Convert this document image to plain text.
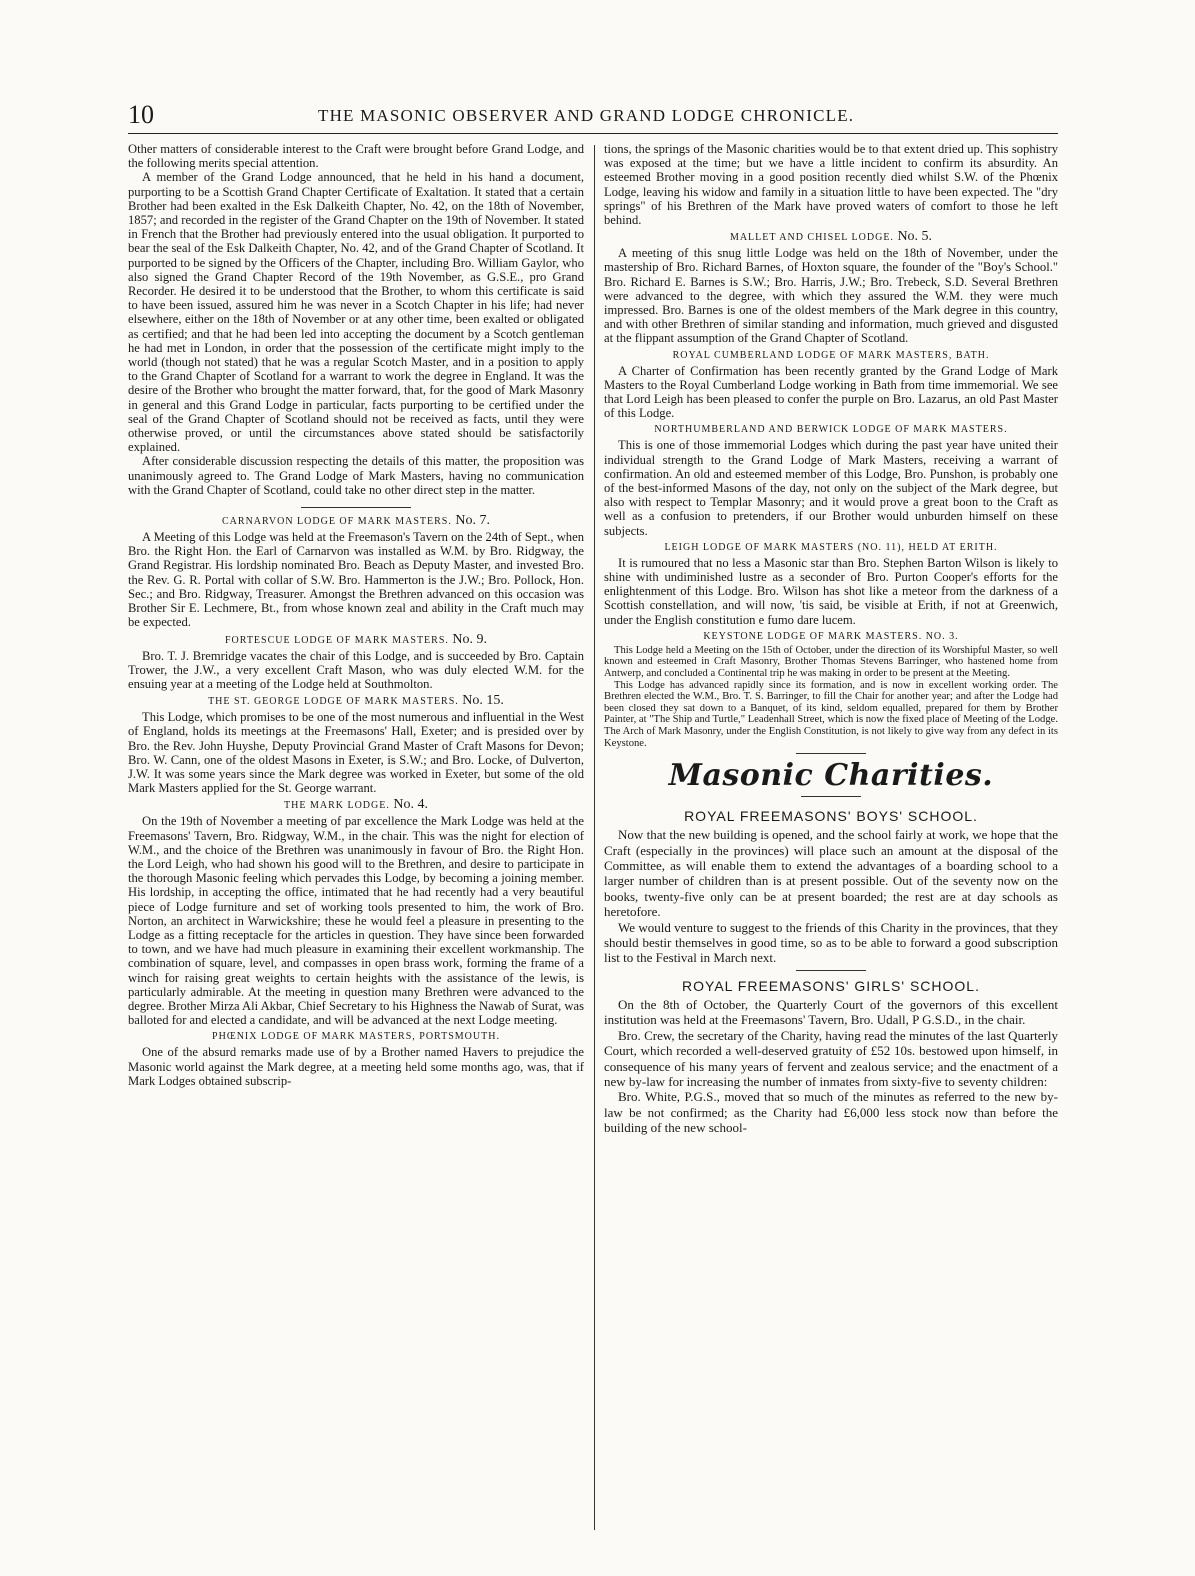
10	THE MASONIC OBSERVER AND GRAND LODGE CHRONICLE.

Other matters of considerable interest to the Craft were brought before Grand Lodge, and the following merits special attention.

A member of the Grand Lodge announced, that he held in his hand a document, purporting to be a Scottish Grand Chapter Certificate of Exaltation. It stated that a certain Brother had been exalted in the Esk Dalkeith Chapter, No. 42, on the 18th of November, 1857; and recorded in the register of the Grand Chapter on the 19th of November. It stated in French that the Brother had previously entered into the usual obligation. It purported to bear the seal of the Esk Dalkeith Chapter, No. 42, and of the Grand Chapter of Scotland. It purported to be signed by the Officers of the Chapter, including Bro. William Gaylor, who also signed the Grand Chapter Record of the 19th November, as G.S.E., pro Grand Recorder. He desired it to be understood that the Brother, to whom this certificate is said to have been issued, assured him he was never in a Scotch Chapter in his life; had never elsewhere, either on the 18th of November or at any other time, been exalted or obligated as certified; and that he had been led into accepting the document by a Scotch gentleman he had met in London, in order that the possession of the certificate might imply to the world (though not stated) that he was a regular Scotch Master, and in a position to apply to the Grand Chapter of Scotland for a warrant to work the degree in England. It was the desire of the Brother who brought the matter forward, that, for the good of Mark Masonry in general and this Grand Lodge in particular, facts purporting to be certified under the seal of the Grand Chapter of Scotland should not be received as facts, until they were otherwise proved, or until the circumstances above stated should be satisfactorily explained.

After considerable discussion respecting the details of this matter, the proposition was unanimously agreed to. The Grand Lodge of Mark Masters, having no communication with the Grand Chapter of Scotland, could take no other direct step in the matter.

CARNARVON LODGE OF MARK MASTERS. No. 7.

A Meeting of this Lodge was held at the Freemason's Tavern on the 24th of Sept., when Bro. the Right Hon. the Earl of Carnarvon was installed as W.M. by Bro. Ridgway, the Grand Registrar. His lordship nominated Bro. Beach as Deputy Master, and invested Bro. the Rev. G. R. Portal with collar of S.W. Bro. Hammerton is the J.W.; Bro. Pollock, Hon. Sec.; and Bro. Ridgway, Treasurer. Amongst the Brethren advanced on this occasion was Brother Sir E. Lechmere, Bt., from whose known zeal and ability in the Craft much may be expected.

FORTESCUE LODGE OF MARK MASTERS. No. 9.

Bro. T. J. Bremridge vacates the chair of this Lodge, and is succeeded by Bro. Captain Trower, the J.W., a very excellent Craft Mason, who was duly elected W.M. for the ensuing year at a meeting of the Lodge held at Southmolton.

THE ST. GEORGE LODGE OF MARK MASTERS. No. 15.

This Lodge, which promises to be one of the most numerous and influential in the West of England, holds its meetings at the Freemasons' Hall, Exeter; and is presided over by Bro. the Rev. John Huyshe, Deputy Provincial Grand Master of Craft Masons for Devon; Bro. W. Cann, one of the oldest Masons in Exeter, is S.W.; and Bro. Locke, of Dulverton, J.W. It was some years since the Mark degree was worked in Exeter, but some of the old Mark Masters applied for the St. George warrant.

THE MARK LODGE. No. 4.

On the 19th of November a meeting of par excellence the Mark Lodge was held at the Freemasons' Tavern, Bro. Ridgway, W.M., in the chair. This was the night for election of W.M., and the choice of the Brethren was unanimously in favour of Bro. the Right Hon. the Lord Leigh, who had shown his good will to the Brethren, and desire to participate in the thorough Masonic feeling which pervades this Lodge, by becoming a joining member. His lordship, in accepting the office, intimated that he had recently had a very beautiful piece of Lodge furniture and set of working tools presented to him, the work of Bro. Norton, an architect in Warwickshire; these he would feel a pleasure in presenting to the Lodge as a fitting receptacle for the articles in question. They have since been forwarded to town, and we have had much pleasure in examining their excellent workmanship. The combination of square, level, and compasses in open brass work, forming the frame of a winch for raising great weights to certain heights with the assistance of the lewis, is particularly admirable. At the meeting in question many Brethren were advanced to the degree. Brother Mirza Ali Akbar, Chief Secretary to his Highness the Nawab of Surat, was balloted for and elected a candidate, and will be advanced at the next Lodge meeting.

PHŒNIX LODGE OF MARK MASTERS, PORTSMOUTH.

One of the absurd remarks made use of by a Brother named Havers to prejudice the Masonic world against the Mark degree, at a meeting held some months ago, was, that if Mark Lodges obtained subscrip-

tions, the springs of the Masonic charities would be to that extent dried up. This sophistry was exposed at the time; but we have a little incident to confirm its absurdity. An esteemed Brother moving in a good position recently died whilst S.W. of the Phœnix Lodge, leaving his widow and family in a situation little to have been expected. The "dry springs" of his Brethren of the Mark have proved waters of comfort to those he left behind.

MALLET AND CHISEL LODGE. No. 5.

A meeting of this snug little Lodge was held on the 18th of November, under the mastership of Bro. Richard Barnes, of Hoxton square, the founder of the "Boy's School." Bro. Richard E. Barnes is S.W.; Bro. Harris, J.W.; Bro. Trebeck, S.D. Several Brethren were advanced to the degree, with which they assured the W.M. they were much impressed. Bro. Barnes is one of the oldest members of the Mark degree in this country, and with other Brethren of similar standing and information, much grieved and disgusted at the flippant assumption of the Grand Chapter of Scotland.

ROYAL CUMBERLAND LODGE OF MARK MASTERS, BATH.

A Charter of Confirmation has been recently granted by the Grand Lodge of Mark Masters to the Royal Cumberland Lodge working in Bath from time immemorial. We see that Lord Leigh has been pleased to confer the purple on Bro. Lazarus, an old Past Master of this Lodge.

NORTHUMBERLAND AND BERWICK LODGE OF MARK MASTERS.

This is one of those immemorial Lodges which during the past year have united their individual strength to the Grand Lodge of Mark Masters, receiving a warrant of confirmation. An old and esteemed member of this Lodge, Bro. Punshon, is probably one of the best-informed Masons of the day, not only on the subject of the Mark degree, but also with respect to Templar Masonry; and it would prove a great boon to the Craft as well as a confusion to pretenders, if our Brother would unburden himself on these subjects.

LEIGH LODGE OF MARK MASTERS (NO. 11), HELD AT ERITH.

It is rumoured that no less a Masonic star than Bro. Stephen Barton Wilson is likely to shine with undiminished lustre as a seconder of Bro. Purton Cooper's efforts for the enlightenment of this Lodge. Bro. Wilson has shot like a meteor from the darkness of a Scottish constellation, and will now, 'tis said, be visible at Erith, if not at Greenwich, under the English constitution e fumo dare lucem.

KEYSTONE LODGE OF MARK MASTERS. NO. 3.

This Lodge held a Meeting on the 15th of October, under the direction of its Worshipful Master, so well known and esteemed in Craft Masonry, Brother Thomas Stevens Barringer, who hastened home from Antwerp, and concluded a Continental trip he was making in order to be present at the Meeting.

This Lodge has advanced rapidly since its formation, and is now in excellent working order. The Brethren elected the W.M., Bro. T. S. Barringer, to fill the Chair for another year; and after the Lodge had been closed they sat down to a Banquet, of its kind, seldom equalled, prepared for them by Brother Painter, at "The Ship and Turtle," Leadenhall Street, which is now the fixed place of Meeting of the Lodge. The Arch of Mark Masonry, under the English Constitution, is not likely to give way from any defect in its Keystone.

Masonic Charities.
ROYAL FREEMASONS' BOYS' SCHOOL.

Now that the new building is opened, and the school fairly at work, we hope that the Craft (especially in the provinces) will place such an amount at the disposal of the Committee, as will enable them to extend the advantages of a boarding school to a larger number of children than is at present possible. Out of the seventy now on the books, twenty-five only can be at present boarded; the rest are at day schools as heretofore.

We would venture to suggest to the friends of this Charity in the provinces, that they should bestir themselves in good time, so as to be able to forward a good subscription list to the Festival in March next.

ROYAL FREEMASONS' GIRLS' SCHOOL.

On the 8th of October, the Quarterly Court of the governors of this excellent institution was held at the Freemasons' Tavern, Bro. Udall, P G.S.D., in the chair.

Bro. Crew, the secretary of the Charity, having read the minutes of the last Quarterly Court, which recorded a well-deserved gratuity of £52 10s. bestowed upon himself, in consequence of his many years of fervent and zealous service; and the enactment of a new by-law for increasing the number of inmates from sixty-five to seventy children:

Bro. White, P.G.S., moved that so much of the minutes as referred to the new by-law be not confirmed; as the Charity had £6,000 less stock now than before the building of the new school-
